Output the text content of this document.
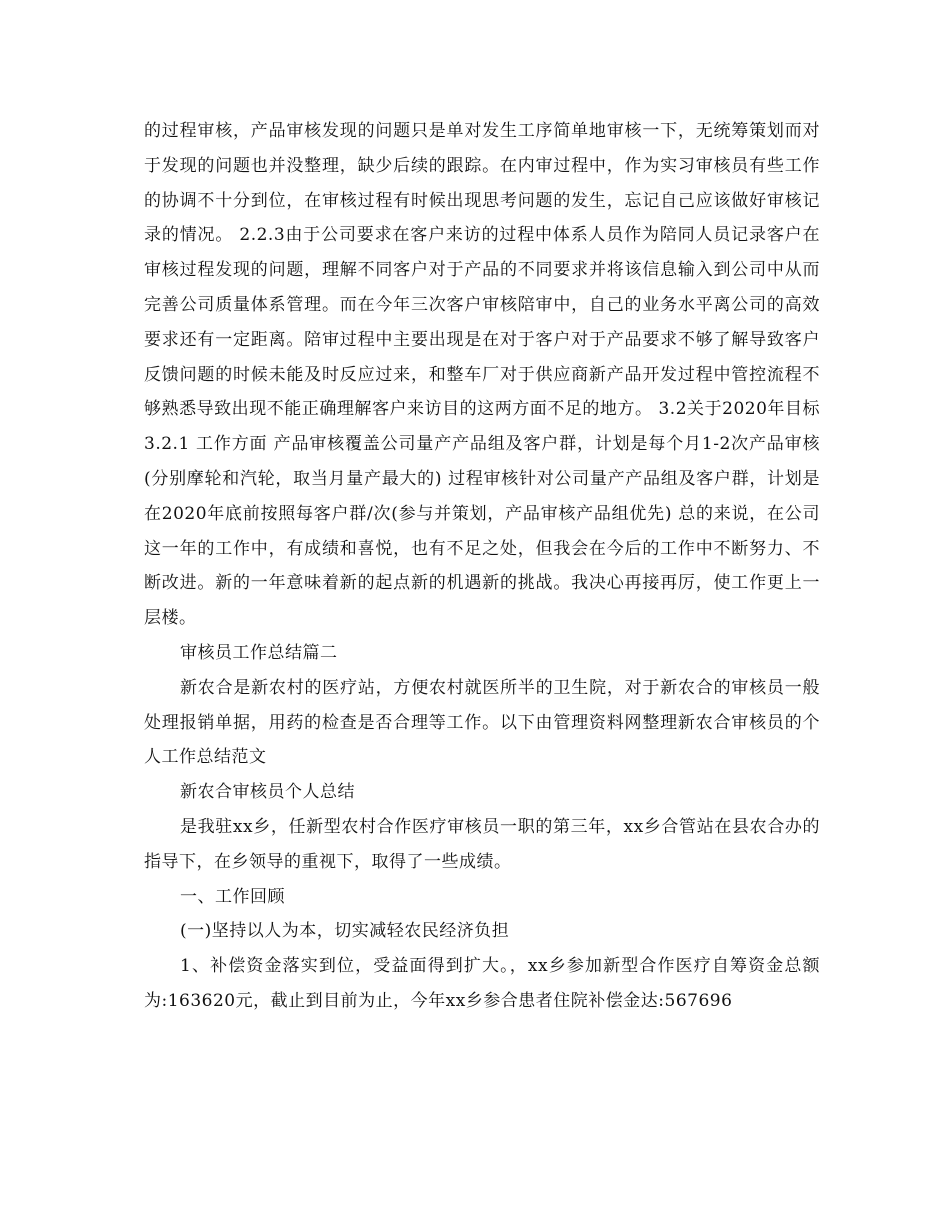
的过程审核，产品审核发现的问题只是单对发生工序简单地审核一下，无统筹策划而对于发现的问题也并没整理，缺少后续的跟踪。在内审过程中，作为实习审核员有些工作的协调不十分到位，在审核过程有时候出现思考问题的发生，忘记自己应该做好审核记录的情况。 2.2.3由于公司要求在客户来访的过程中体系人员作为陪同人员记录客户在审核过程发现的问题，理解不同客户对于产品的不同要求并将该信息输入到公司中从而完善公司质量体系管理。而在今年三次客户审核陪审中，自己的业务水平离公司的高效要求还有一定距离。陪审过程中主要出现是在对于客户对于产品要求不够了解导致客户反馈问题的时候未能及时反应过来，和整车厂对于供应商新产品开发过程中管控流程不够熟悉导致出现不能正确理解客户来访目的这两方面不足的地方。 3.2关于2020年目标 3.2.1 工作方面 产品审核覆盖公司量产产品组及客户群，计划是每个月1-2次产品审核(分别摩轮和汽轮，取当月量产最大的) 过程审核针对公司量产产品组及客户群，计划是在2020年底前按照每客户群/次(参与并策划，产品审核产品组优先) 总的来说，在公司这一年的工作中，有成绩和喜悦，也有不足之处，但我会在今后的工作中不断努力、不断改进。新的一年意味着新的起点新的机遇新的挑战。我决心再接再厉，使工作更上一层楼。

审核员工作总结篇二

新农合是新农村的医疗站，方便农村就医所半的卫生院，对于新农合的审核员一般处理报销单据，用药的检查是否合理等工作。以下由管理资料网整理新农合审核员的个人工作总结范文

新农合审核员个人总结

是我驻xx乡，任新型农村合作医疗审核员一职的第三年，xx乡合管站在县农合办的指导下，在乡领导的重视下，取得了一些成绩。

一、工作回顾

(一)坚持以人为本，切实减轻农民经济负担

1、补偿资金落实到位，受益面得到扩大。，xx乡参加新型合作医疗自筹资金总额为:163620元，截止到目前为止，今年xx乡参合患者住院补偿金达:567696
